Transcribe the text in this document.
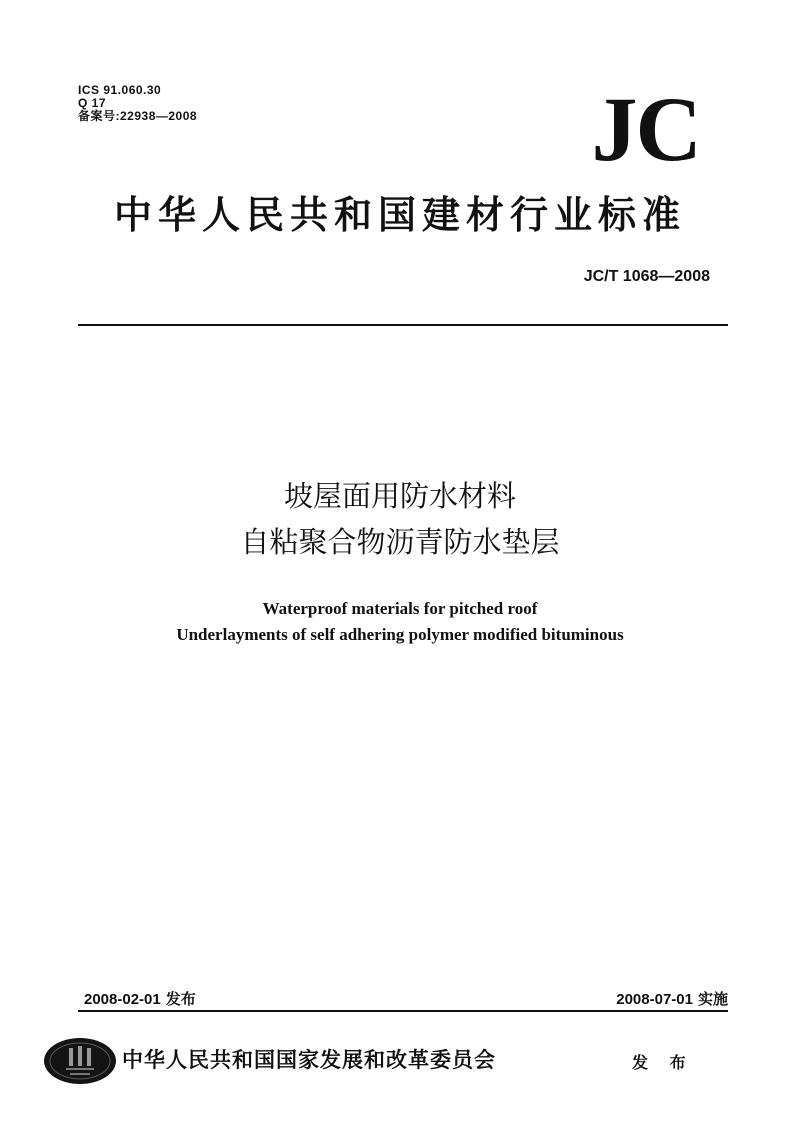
ICS 91.060.30
Q 17
备案号:22938—2008	JC
中华人民共和国建材行业标准
JC/T 1068—2008
坡屋面用防水材料
自粘聚合物沥青防水垫层
Waterproof materials for pitched roof
Underlayments of self adhering polymer modified bituminous
2008-02-01 发布	2008-07-01 实施
中华人民共和国国家发展和改革委员会	发 布
